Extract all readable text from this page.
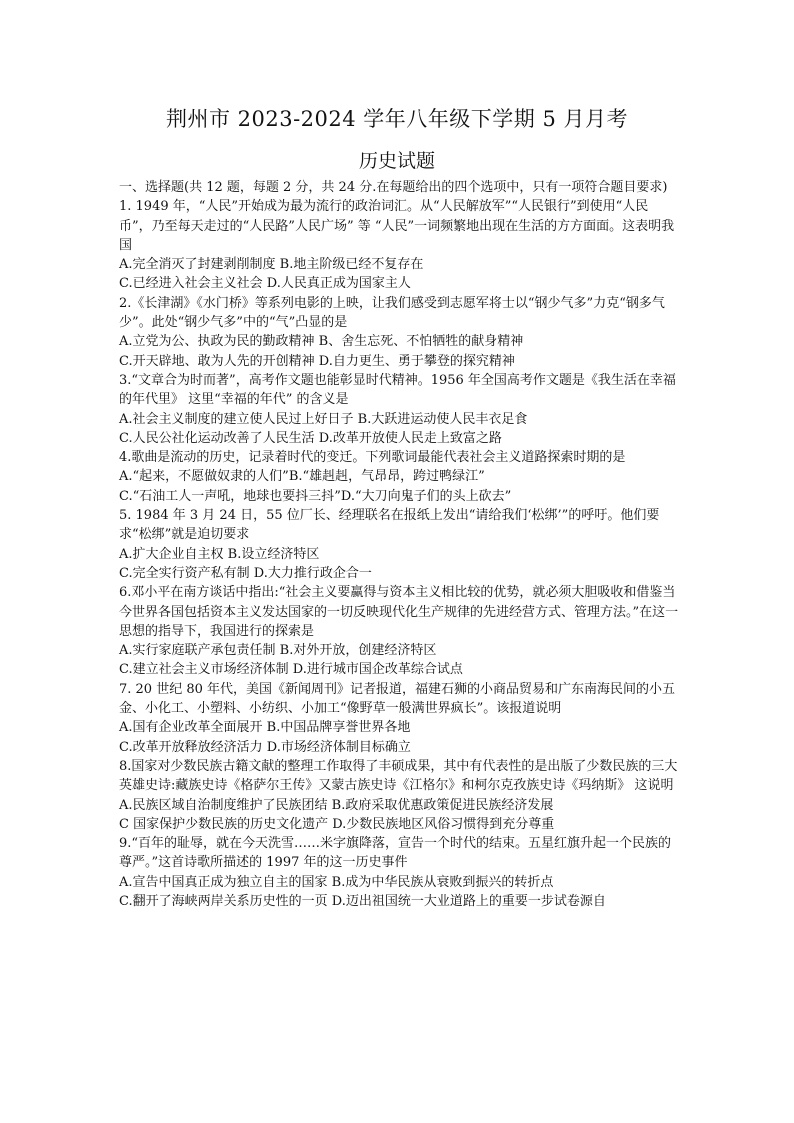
荆州市 2023-2024 学年八年级下学期 5 月月考
历史试题

一、选择题(共 12 题，每题 2 分，共 24 分.在每题给出的四个选项中，只有一项符合题目要求)

1. 1949 年，“人民”开始成为最为流行的政治词汇。从“人民解放军”“人民银行”到使用“人民币”，乃至每天走过的“人民路”人民广场” 等 “人民”一词频繁地出现在生活的方方面面。这表明我国

A.完全消灭了封建剥削制度 B.地主阶级已经不复存在

C.已经进入社会主义社会 D.人民真正成为国家主人

2.《长津湖》《水门桥》等系列电影的上映，让我们感受到志愿军将士以“钢少气多”力克“钢多气少”。此处“钢少气多”中的“气”凸显的是

A.立党为公、执政为民的勤政精神 B、舍生忘死、不怕牺牲的献身精神

C.开天辟地、敢为人先的开创精神 D.自力更生、勇于攀登的探究精神

3.“文章合为时而著”，高考作文题也能彰显时代精神。1956 年全国高考作文题是《我生活在幸福的年代里》 这里“幸福的年代” 的含义是

A.社会主义制度的建立使人民过上好日子 B.大跃进运动使人民丰衣足食

C.人民公社化运动改善了人民生活 D.改革开放使人民走上致富之路

4.歌曲是流动的历史，记录着时代的变迁。下列歌词最能代表社会主义道路探索时期的是

A.“起来，不愿做奴隶的人们”B.“雄赳赳，气昂昂，跨过鸭绿江”

C.“石油工人一声吼，地球也要抖三抖”D.“大刀向鬼子们的头上砍去”

5. 1984 年 3 月 24 日，55 位厂长、经理联名在报纸上发出“请给我们‘松绑’”的呼吁。他们要求“松绑”就是迫切要求

A.扩大企业自主权 B.设立经济特区

C.完全实行资产私有制 D.大力推行政企合一

6.邓小平在南方谈话中指出:“社会主义要赢得与资本主义相比较的优势，就必须大胆吸收和借鉴当今世界各国包括资本主义发达国家的一切反映现代化生产规律的先进经营方式、管理方法。”在这一思想的指导下，我国进行的探索是

A.实行家庭联产承包责任制 B.对外开放，创建经济特区

C.建立社会主义市场经济体制 D.进行城市国企改革综合试点

7. 20 世纪 80 年代，美国《新闻周刊》记者报道，福建石狮的小商品贸易和广东南海民间的小五金、小化工、小塑料、小纺织、小加工“像野草一般满世界疯长”。该报道说明

A.国有企业改革全面展开 B.中国品牌享誉世界各地

C.改革开放释放经济活力 D.市场经济体制目标确立

8.国家对少数民族古籍文献的整理工作取得了丰硕成果，其中有代表性的是出版了少数民族的三大英雄史诗:藏族史诗《格萨尔王传》又蒙古族史诗《江格尔》和柯尔克孜族史诗《玛纳斯》 这说明

A.民族区域自治制度维护了民族团结 B.政府采取优惠政策促进民族经济发展

C 国家保护少数民族的历史文化遗产 D.少数民族地区风俗习惯得到充分尊重

9.“百年的耻辱，就在今天洗雪……米字旗降落，宣告一个时代的结束。五星红旗升起一个民族的尊严。”这首诗歌所描述的 1997 年的这一历史事件

A.宣告中国真正成为独立自主的国家 B.成为中华民族从衰败到振兴的转折点

C.翻开了海峡两岸关系历史性的一页 D.迈出祖国统一大业道路上的重要一步试卷源自
